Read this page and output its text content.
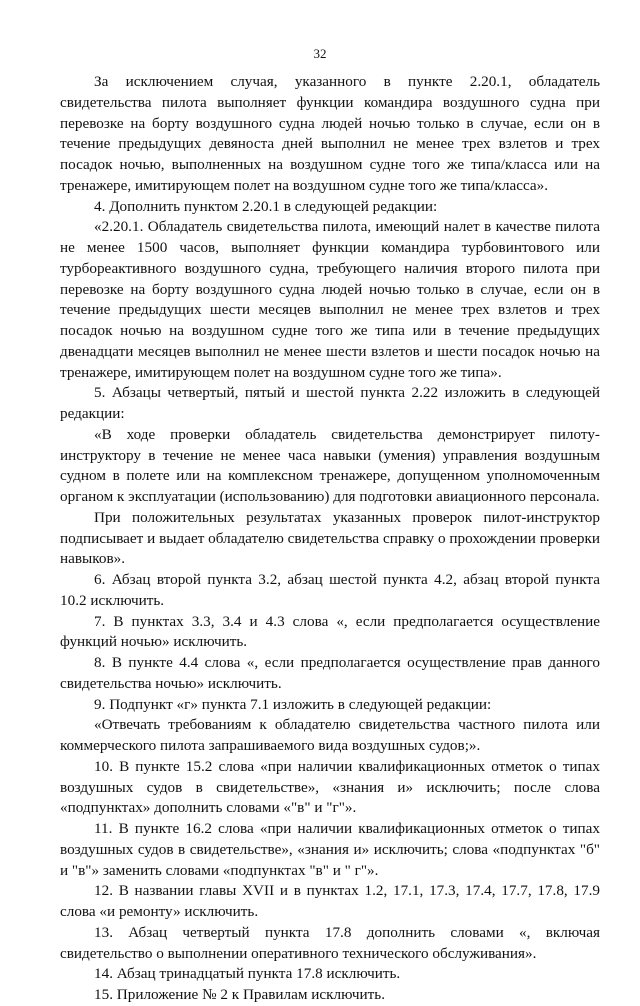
32

За исключением случая, указанного в пункте 2.20.1, обладатель свидетельства пилота выполняет функции командира воздушного судна при перевозке на борту воздушного судна людей ночью только в случае, если он в течение предыдущих девяноста дней выполнил не менее трех взлетов и трех посадок ночью, выполненных на воздушном судне того же типа/класса или на тренажере, имитирующем полет на воздушном судне того же типа/класса».

4. Дополнить пунктом 2.20.1 в следующей редакции:

«2.20.1. Обладатель свидетельства пилота, имеющий налет в качестве пилота не менее 1500 часов, выполняет функции командира турбовинтового или турбореактивного воздушного судна, требующего наличия второго пилота при перевозке на борту воздушного судна людей ночью только в случае, если он в течение предыдущих шести месяцев выполнил не менее трех взлетов и трех посадок ночью на воздушном судне того же типа или в течение предыдущих двенадцати месяцев выполнил не менее шести взлетов и шести посадок ночью на тренажере, имитирующем полет на воздушном судне того же типа».

5. Абзацы четвертый, пятый и шестой пункта 2.22 изложить в следующей редакции:

«В ходе проверки обладатель свидетельства демонстрирует пилоту-инструктору в течение не менее часа навыки (умения) управления воздушным судном в полете или на комплексном тренажере, допущенном уполномоченным органом к эксплуатации (использованию) для подготовки авиационного персонала.

При положительных результатах указанных проверок пилот-инструктор подписывает и выдает обладателю свидетельства справку о прохождении проверки навыков».

6. Абзац второй пункта 3.2, абзац шестой пункта 4.2, абзац второй пункта 10.2 исключить.

7. В пунктах 3.3, 3.4 и 4.3 слова «, если предполагается осуществление функций ночью» исключить.

8. В пункте 4.4 слова «, если предполагается осуществление прав данного свидетельства ночью» исключить.

9. Подпункт «г» пункта 7.1 изложить в следующей редакции:

«Отвечать требованиям к обладателю свидетельства частного пилота или коммерческого пилота запрашиваемого вида воздушных судов;».

10. В пункте 15.2 слова «при наличии квалификационных отметок о типах воздушных судов в свидетельстве», «знания и» исключить; после слова «подпунктах» дополнить словами «"в" и "г"».

11. В пункте 16.2 слова «при наличии квалификационных отметок о типах воздушных судов в свидетельстве», «знания и» исключить; слова «подпунктах "б" и "в"» заменить словами «подпунктах "в" и " г"».

12. В названии главы XVII и в пунктах 1.2, 17.1, 17.3, 17.4, 17.7, 17.8, 17.9 слова «и ремонту» исключить.

13. Абзац четвертый пункта 17.8 дополнить словами «, включая свидетельство о выполнении оперативного технического обслуживания».

14. Абзац тринадцатый пункта 17.8 исключить.

15. Приложение № 2 к Правилам исключить.
